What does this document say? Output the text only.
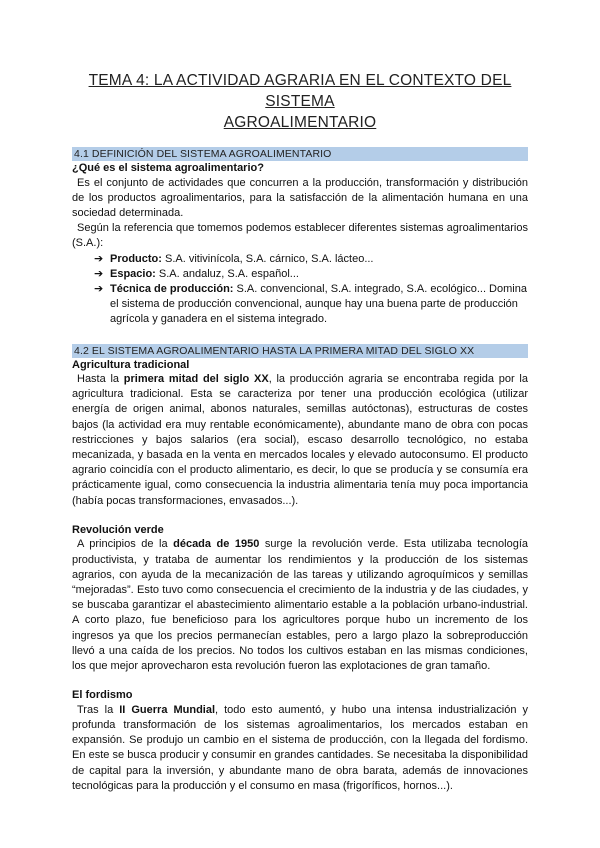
TEMA 4: LA ACTIVIDAD AGRARIA EN EL CONTEXTO DEL SISTEMA
AGROALIMENTARIO
4.1 DEFINICIÓN DEL SISTEMA AGROALIMENTARIO
¿Qué es el sistema agroalimentario?

Es el conjunto de actividades que concurren a la producción, transformación y distribución de los productos agroalimentarios, para la satisfacción de la alimentación humana en una sociedad determinada.

Según la referencia que tomemos podemos establecer diferentes sistemas agroalimentarios (S.A.):

➔ Producto: S.A. vitivinícola, S.A. cárnico, S.A. lácteo...
➔ Espacio: S.A. andaluz, S.A. español...
➔ Técnica de producción: S.A. convencional, S.A. integrado, S.A. ecológico... Domina el sistema de producción convencional, aunque hay una buena parte de producción agrícola y ganadera en el sistema integrado.
4.2 EL SISTEMA AGROALIMENTARIO HASTA LA PRIMERA MITAD DEL SIGLO XX
Agricultura tradicional

Hasta la primera mitad del siglo XX, la producción agraria se encontraba regida por la agricultura tradicional. Esta se caracteriza por tener una producción ecológica (utilizar energía de origen animal, abonos naturales, semillas autóctonas), estructuras de costes bajos (la actividad era muy rentable económicamente), abundante mano de obra con pocas restricciones y bajos salarios (era social), escaso desarrollo tecnológico, no estaba mecanizada, y basada en la venta en mercados locales y elevado autoconsumo. El producto agrario coincidía con el producto alimentario, es decir, lo que se producía y se consumía era prácticamente igual, como consecuencia la industria alimentaria tenía muy poca importancia (había pocas transformaciones, envasados...).

Revolución verde

A principios de la década de 1950 surge la revolución verde. Esta utilizaba tecnología productivista, y trataba de aumentar los rendimientos y la producción de los sistemas agrarios, con ayuda de la mecanización de las tareas y utilizando agroquímicos y semillas “mejoradas”. Esto tuvo como consecuencia el crecimiento de la industria y de las ciudades, y se buscaba garantizar el abastecimiento alimentario estable a la población urbano-industrial. A corto plazo, fue beneficioso para los agricultores porque hubo un incremento de los ingresos ya que los precios permanecían estables, pero a largo plazo la sobreproducción llevó a una caída de los precios. No todos los cultivos estaban en las mismas condiciones, los que mejor aprovecharon esta revolución fueron las explotaciones de gran tamaño.

El fordismo

Tras la II Guerra Mundial, todo esto aumentó, y hubo una intensa industrialización y profunda transformación de los sistemas agroalimentarios, los mercados estaban en expansión. Se produjo un cambio en el sistema de producción, con la llegada del fordismo. En este se busca producir y consumir en grandes cantidades. Se necesitaba la disponibilidad de capital para la inversión, y abundante mano de obra barata, además de innovaciones tecnológicas para la producción y el consumo en masa (frigoríficos, hornos...).
